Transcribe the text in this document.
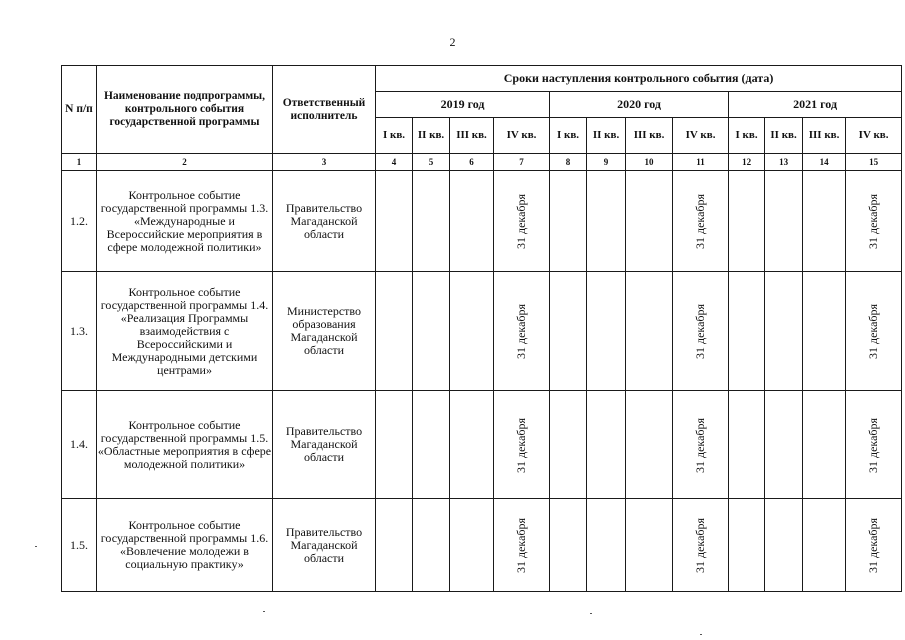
2
N п/п	Наименование подпрограммы, контрольного события государственной программы	Ответственный исполнитель	Сроки наступления контрольного события (дата)											
			2019 год				2020 год				2021 год			
			I кв.	II кв.	III кв.	IV кв.	I кв.	II кв.	III кв.	IV кв.	I кв.	II кв.	III кв.	IV кв.
1	2	3	4	5	6	7	8	9	10	11	12	13	14	15
1.2.	Контрольное событие государственной программы 1.3. «Международные и Всероссийские мероприятия в сфере молодежной политики»	Правительство Магаданской области				31 декабря				31 декабря				31 декабря
1.3.	Контрольное событие государственной программы 1.4. «Реализация Программы взаимодействия с Всероссийскими и Международными детскими центрами»	Министерство образования Магаданской области				31 декабря				31 декабря				31 декабря
1.4.	Контрольное событие государственной программы 1.5. «Областные мероприятия в сфере молодежной политики»	Правительство Магаданской области				31 декабря				31 декабря				31 декабря
1.5.	Контрольное событие государственной программы 1.6. «Вовлечение молодежи в социальную практику»	Правительство Магаданской области				31 декабря				31 декабря				31 декабря
